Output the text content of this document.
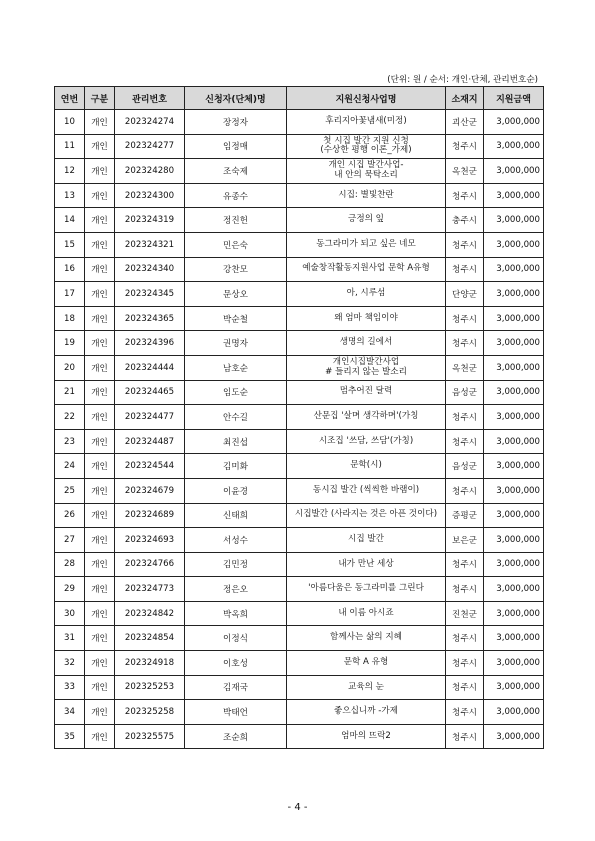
(단위: 원 / 순서: 개인·단체, 관리번호순)
연번	구분	관리번호	신청자(단체)명	지원신청사업명	소재지	지원금액
10	개인	202324274	장정자	후리지아꽃냄새(미정)	괴산군	3,000,000
11	개인	202324277	임정매	첫 시집 발간 지원 신청
(수상한 평행 이론_가제)	청주시	3,000,000
12	개인	202324280	조숙제	개인 시집 발간사업-
내 안의 묵탁소리	옥천군	3,000,000
13	개인	202324300	유종수	시집: 별빛찬란	청주시	3,000,000
14	개인	202324319	정진헌	긍정의 잎	충주시	3,000,000
15	개인	202324321	민은숙	동그라미가 되고 싶은 네모	청주시	3,000,000
16	개인	202324340	강찬모	예술창작활동지원사업 문학 A유형	청주시	3,000,000
17	개인	202324345	문상오	아, 시루섬	단양군	3,000,000
18	개인	202324365	박순철	왜 엄마 책임이야	청주시	3,000,000
19	개인	202324396	권명자	생명의 길에서	청주시	3,000,000
20	개인	202324444	남호순	개인시집발간사업
# 들리지 않는 발소리	옥천군	3,000,000
21	개인	202324465	임도순	멈추어진 달력	음성군	3,000,000
22	개인	202324477	안수길	산문집 '살며 생각하며'(가칭	청주시	3,000,000
23	개인	202324487	최진섭	시조집 '쓰담, 쓰담'(가칭)	청주시	3,000,000
24	개인	202324544	김미화	문학(시)	음성군	3,000,000
25	개인	202324679	이윤경	동시집 발간 (씩씩한 바램이)	청주시	3,000,000
26	개인	202324689	신태희	시집발간 (사라지는 것은 아픈 것이다)	증평군	3,000,000
27	개인	202324693	서성수	시집 발간	보은군	3,000,000
28	개인	202324766	김민정	내가 만난 세상	청주시	3,000,000
29	개인	202324773	정은오	'아름다움은 동그라미를 그린다	청주시	3,000,000
30	개인	202324842	박옥희	내 이름 아시죠	진천군	3,000,000
31	개인	202324854	이정식	함께사는 삶의 지혜	청주시	3,000,000
32	개인	202324918	이호성	문학 A 유형	청주시	3,000,000
33	개인	202325253	김재국	교육의 눈	청주시	3,000,000
34	개인	202325258	박태언	좋으십니까 -가제	청주시	3,000,000
35	개인	202325575	조순희	엄마의 뜨락2	청주시	3,000,000
- 4 -
